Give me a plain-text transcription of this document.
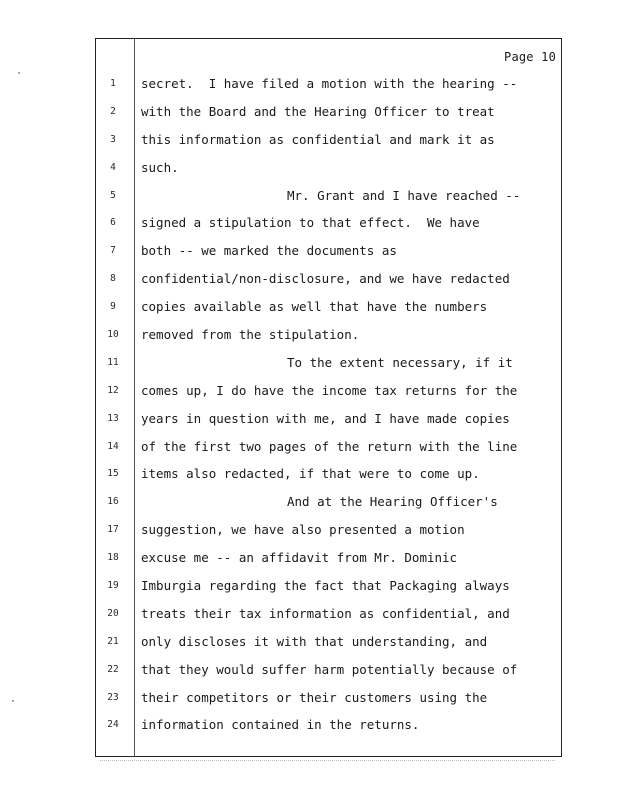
Page 10
1
2
3
4
5
6
7
8
9
10
11
12
13
14
15
16
17
18
19
20
21
22
23
24
secret.  I have filed a motion with the hearing --
with the Board and the Hearing Officer to treat
this information as confidential and mark it as
such.
Mr. Grant and I have reached --
signed a stipulation to that effect.  We have
both -- we marked the documents as
confidential/non-disclosure, and we have redacted
copies available as well that have the numbers
removed from the stipulation.
To the extent necessary, if it
comes up, I do have the income tax returns for the
years in question with me, and I have made copies
of the first two pages of the return with the line
items also redacted, if that were to come up.
And at the Hearing Officer's
suggestion, we have also presented a motion
excuse me -- an affidavit from Mr. Dominic
Imburgia regarding the fact that Packaging always
treats their tax information as confidential, and
only discloses it with that understanding, and
that they would suffer harm potentially because of
their competitors or their customers using the
information contained in the returns.
